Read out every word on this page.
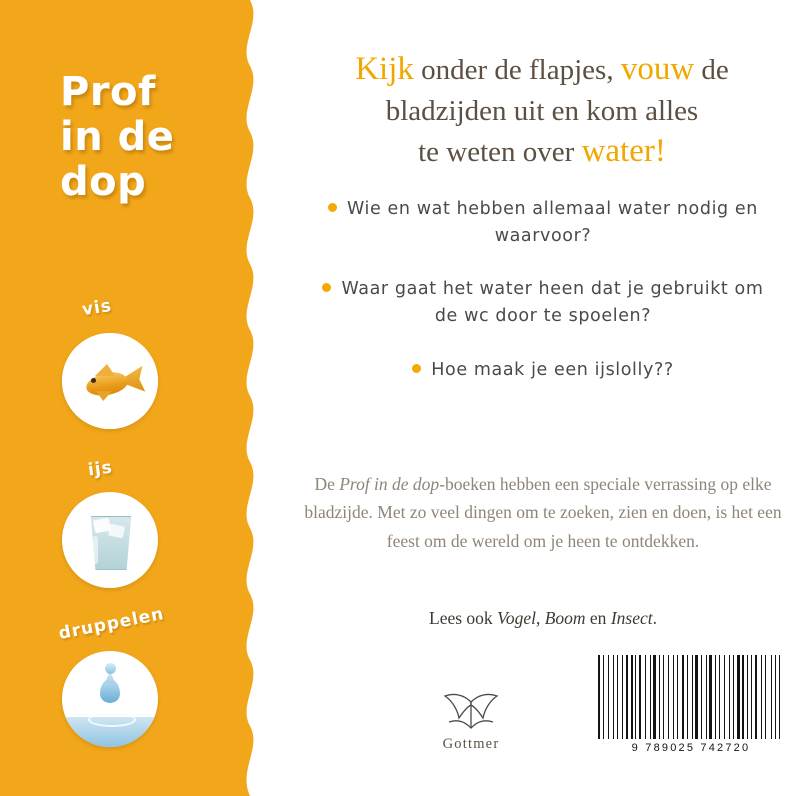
Prof
in de
dop
vis
ijs
druppelen
Kijk onder de flapjes, vouw de
bladzijden uit en kom alles
te weten over water!
Wie en wat hebben allemaal water nodig en waarvoor?
Waar gaat het water heen dat je gebruikt om de wc door te spoelen?
Hoe maak je een ijslolly??
De Prof in de dop-boeken hebben een speciale verrassing op elke bladzijde. Met zo veel dingen om te zoeken, zien en doen, is het een feest om de wereld om je heen te ontdekken.
Lees ook Vogel, Boom en Insect.
Gottmer	9 789025 742720
